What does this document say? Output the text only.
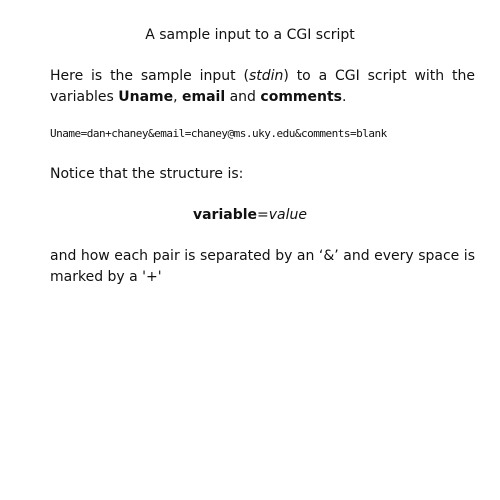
A sample input to a CGI script
Here is the sample input (stdin) to a CGI script with the
variables Uname, email and comments.
Uname=dan+chaney&email=chaney@ms.uky.edu&comments=blank
Notice that the structure is:
variable=value
and how each pair is separated by an ‘&’ and every space is
marked by a '+'
